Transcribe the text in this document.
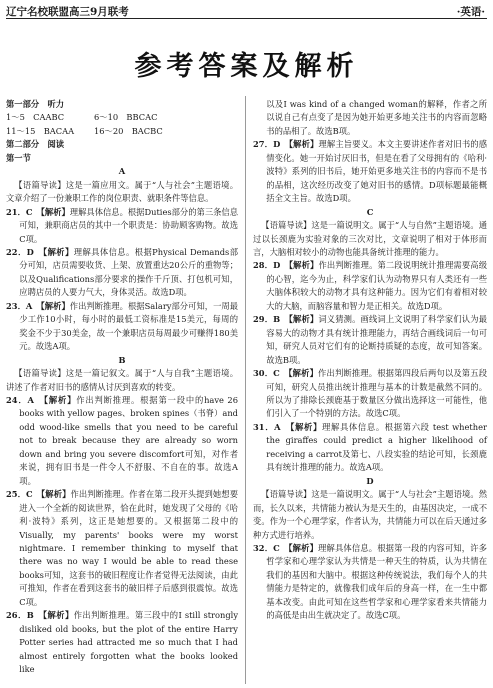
辽宁名校联盟高三9月联考	·英语·
参考答案及解析

第一部分　听力

1～5　CAABC	6～10　BBCAC
11～15　BACAA	16～20　BACBC

第二部分　阅读

第一节

A

【语篇导读】这是一篇应用文。属于“人与社会”主题语境。文章介绍了一份兼职工作的岗位职责、就职条件等信息。

21．C　【解析】理解具体信息。根据Duties部分的第三条信息可知，兼职商店员的其中一个职责是：协助顾客购物。故选C项。

22．D　【解析】理解具体信息。根据Physical Demands部分可知，店员需要收货、上架、放置重达20公斤的重物等；以及Qualifications部分要求的操作千斤顶、打包机可知，应聘店员的人要力气大，身体灵活。故选D项。

23．A　【解析】作出判断推理。根据Salary部分可知，一周最少工作10小时，每小时的最低工资标准是15美元，每周的奖金不少于30美金，故一个兼职店员每周最少可赚得180美元。故选A项。

B

【语篇导读】这是一篇记叙文。属于“人与自我”主题语境。讲述了作者对旧书的感情从讨厌到喜欢的转变。

24．A　【解析】作出判断推理。根据第一段中的have 26 books with yellow pages、broken spines（书脊）and odd wood-like smells that you need to be careful not to break because they are already so worn down and bring you severe discomfort可知，对作者来说，拥有旧书是一件令人不舒服、不自在的事。故选A项。

25．C　【解析】作出判断推理。作者在第二段开头提到她想要进入一个全新的阅读世界，恰在此时，她发现了父母的《哈利·波特》系列，这正是她想要的。又根据第二段中的Visually, my parents' books were my worst nightmare. I remember thinking to myself that there was no way I would be able to read these books可知，这套书的破旧程度让作者觉得无法阅读，由此可推知，作者在看到这套书的破旧样子后感到很震惊。故选C项。

26．B　【解析】作出判断推理。第三段中的I still strongly disliked old books, but the plot of the entire Harry Potter series had attracted me so much that I had almost entirely forgotten what the books looked like

以及I was kind of a changed woman的解释，作者之所以说自己有点变了是因为她开始更多地关注书的内容而忽略书的品相了。故选B项。

27．D　【解析】理解主旨要义。本文主要讲述作者对旧书的感情变化。她一开始讨厌旧书，但是在看了父母拥有的《哈利·波特》系列的旧书后，她开始更多地关注书的内容而不是书的品相，这次经历改变了她对旧书的感情。D项标题最能概括全文主旨。故选D项。

C

【语篇导读】这是一篇说明文。属于“人与自然”主题语境。通过以长颈鹿为实验对象的三次对比，文章说明了相对于体形而言，大脑相对较小的动物也能具备统计推理的能力。

28．D　【解析】作出判断推理。第二段说明统计推理需要高级的心智，迄今为止，科学家们认为动物界只有人类还有一些大脑体积较大的动物才具有这种能力。因为它们有着相对较大的大脑，而脑容量和智力是正相关。故选D项。

29．B　【解析】词义猜测。画线词上文说明了科学家们认为最容易大的动物才具有统计推理能力，再结合画线词后一句可知，研究人员对它们有的论断持质疑的态度，故可知答案。故选B项。

30．C　【解析】作出判断推理。根据第四段后两句以及第五段可知，研究人员推出统计推理与基本的计数是截然不同的。所以为了排除长颈鹿基于数量区分做出选择这一可能性，他们引入了一个特别的方法。故选C项。

31．A　【解析】理解具体信息。根据第六段 test whether the giraffes could predict a higher likelihood of receiving a carrot及第七、八段实验的结论可知，长颈鹿具有统计推理的能力。故选A项。

D

【语篇导读】这是一篇说明文。属于“人与社会”主题语境。然而，长久以来，共情能力被认为是天生的，由基因决定，一成不变。作为一个心理学家，作者认为，共情能力可以在后天通过多种方式进行培养。

32．C　【解析】理解具体信息。根据第一段的内容可知，许多哲学家和心理学家认为共情是一种天生的特质，认为共情在我们的基因和大脑中。根据这种传统说法，我们每个人的共情能力是特定的，就像我们成年后的身高一样，在一生中都基本改变。由此可知在这些哲学家和心理学家看来共情能力的高低是由出生就决定了。故选C项。
